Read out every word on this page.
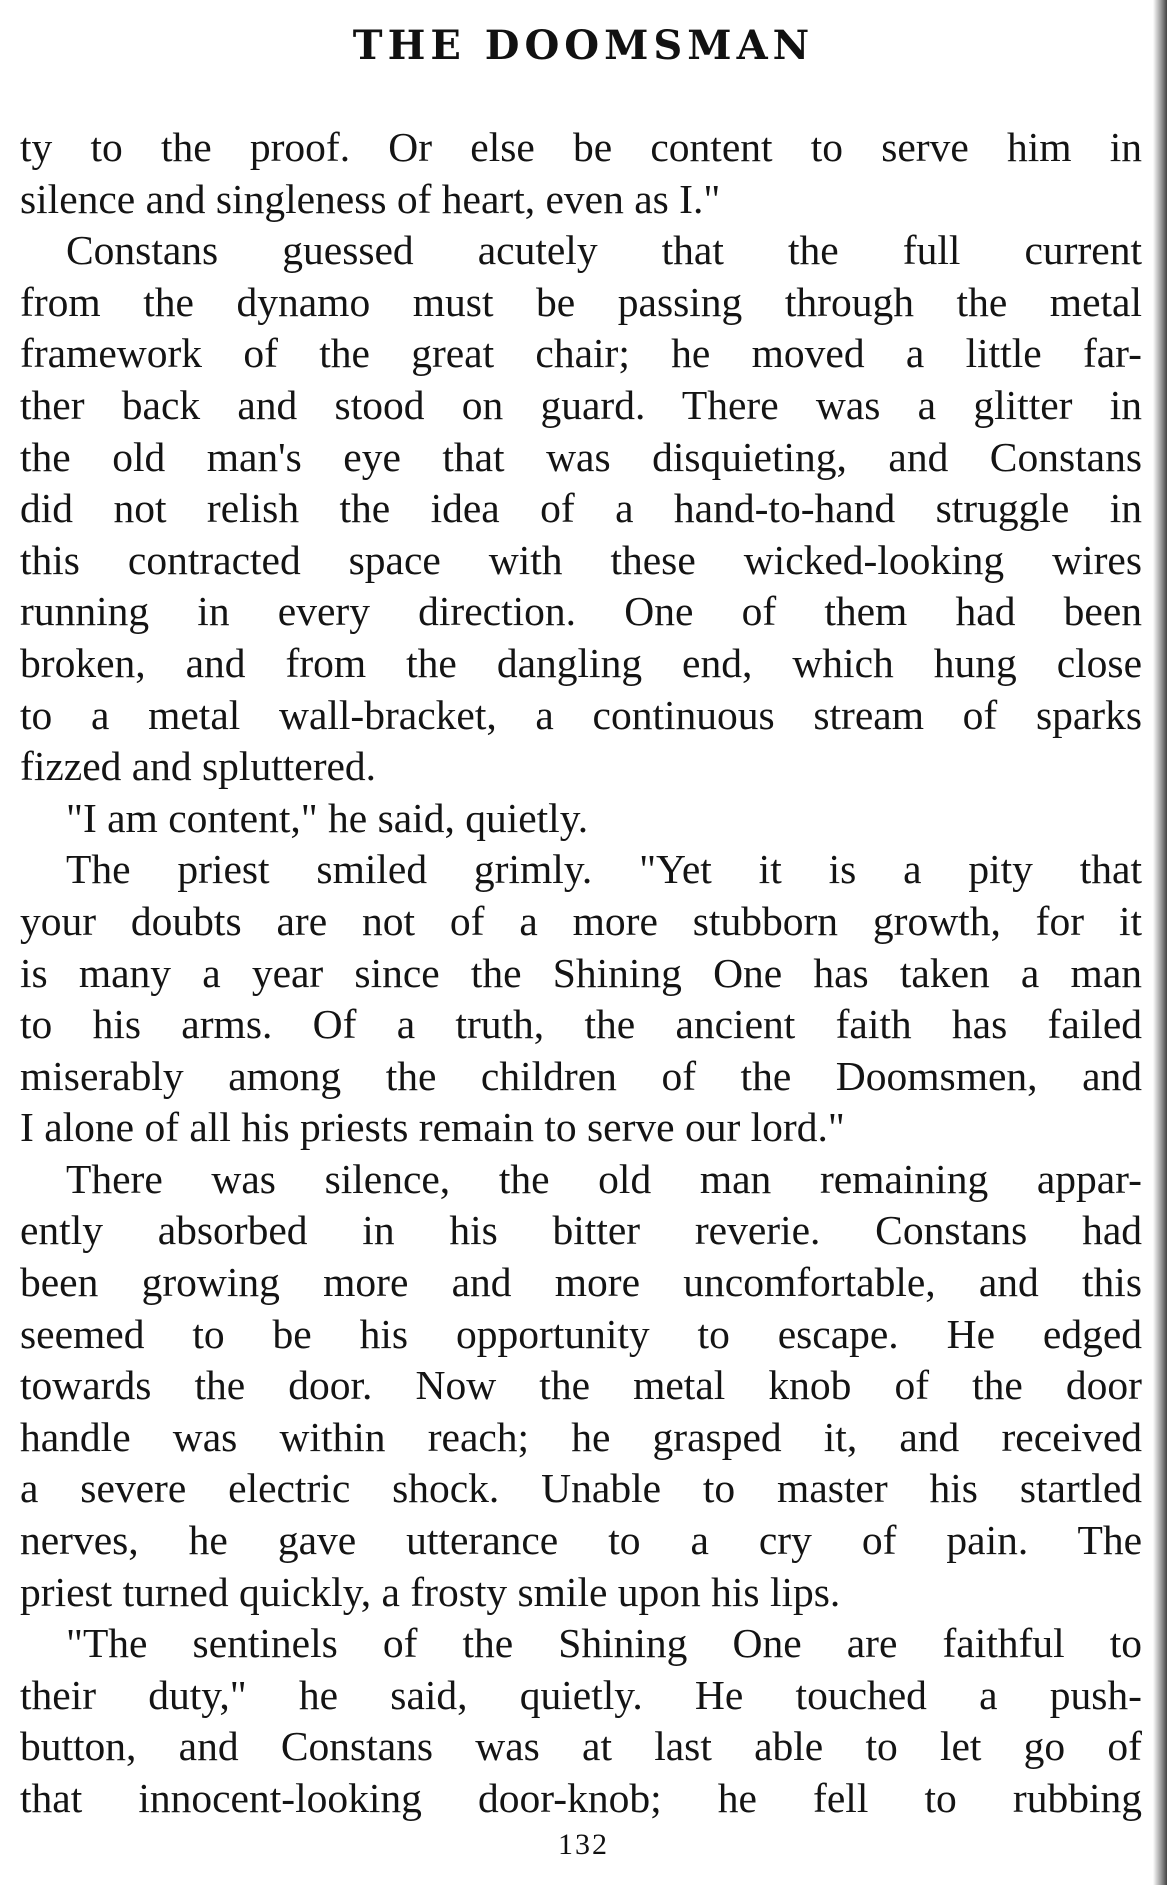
THE DOOMSMAN
ty to the proof. Or else be content to serve him in
silence and singleness of heart, even as I."
Constans guessed acutely that the full current
from the dynamo must be passing through the metal
framework of the great chair; he moved a little far-
ther back and stood on guard. There was a glitter in
the old man's eye that was disquieting, and Constans
did not relish the idea of a hand-to-hand struggle in
this contracted space with these wicked-looking wires
running in every direction. One of them had been
broken, and from the dangling end, which hung close
to a metal wall-bracket, a continuous stream of sparks
fizzed and spluttered.
"I am content," he said, quietly.
The priest smiled grimly. "Yet it is a pity that
your doubts are not of a more stubborn growth, for it
is many a year since the Shining One has taken a man
to his arms. Of a truth, the ancient faith has failed
miserably among the children of the Doomsmen, and
I alone of all his priests remain to serve our lord."
There was silence, the old man remaining appar-
ently absorbed in his bitter reverie. Constans had
been growing more and more uncomfortable, and this
seemed to be his opportunity to escape. He edged
towards the door. Now the metal knob of the door
handle was within reach; he grasped it, and received
a severe electric shock. Unable to master his startled
nerves, he gave utterance to a cry of pain. The
priest turned quickly, a frosty smile upon his lips.
"The sentinels of the Shining One are faithful to
their duty," he said, quietly. He touched a push-
button, and Constans was at last able to let go of
that innocent-looking door-knob; he fell to rubbing
132
